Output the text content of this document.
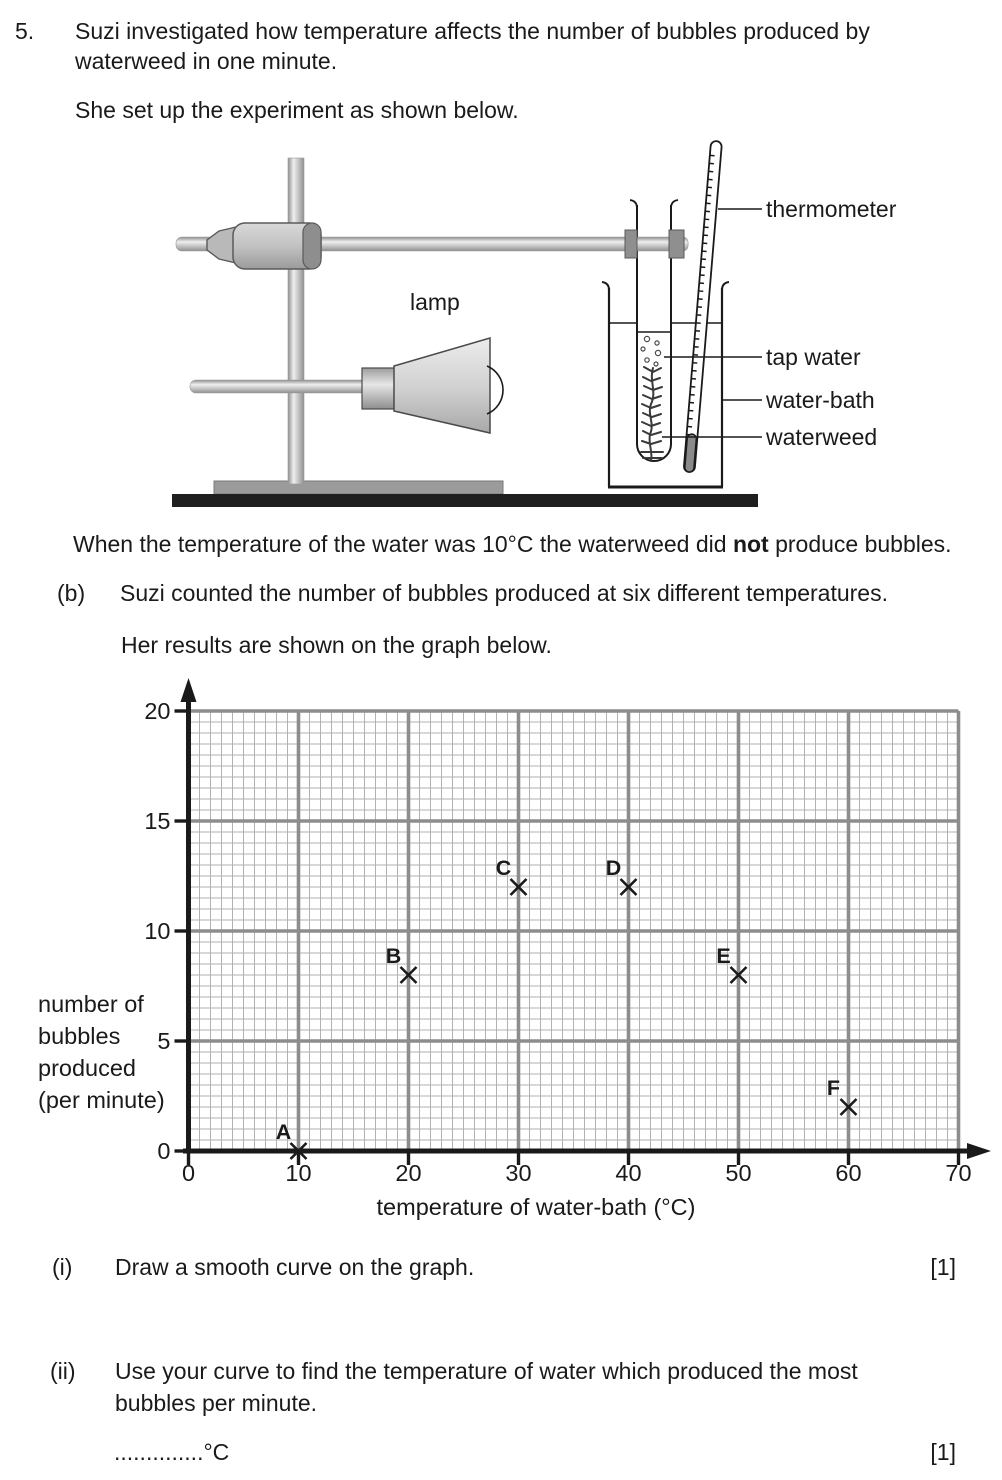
5. Suzi investigated how temperature affects the number of bubbles produced by
waterweed in one minute.
She set up the experiment as shown below.
lamp
thermometer
tap water
water-bath
waterweed
When the temperature of the water was 10°C the waterweed did not produce bubbles.
(b) Suzi counted the number of bubbles produced at six different temperatures.
Her results are shown on the graph below.
0	10	20	30	40	50	60	70
0
5
10
15
20
A
B
C	D
E
F
temperature of water-bath (°C)
number of
bubbles
produced
(per minute)
(i) Draw a smooth curve on the graph.	[1]
(ii) Use your curve to find the temperature of water which produced the most
bubbles per minute.
..............°C	[1]
